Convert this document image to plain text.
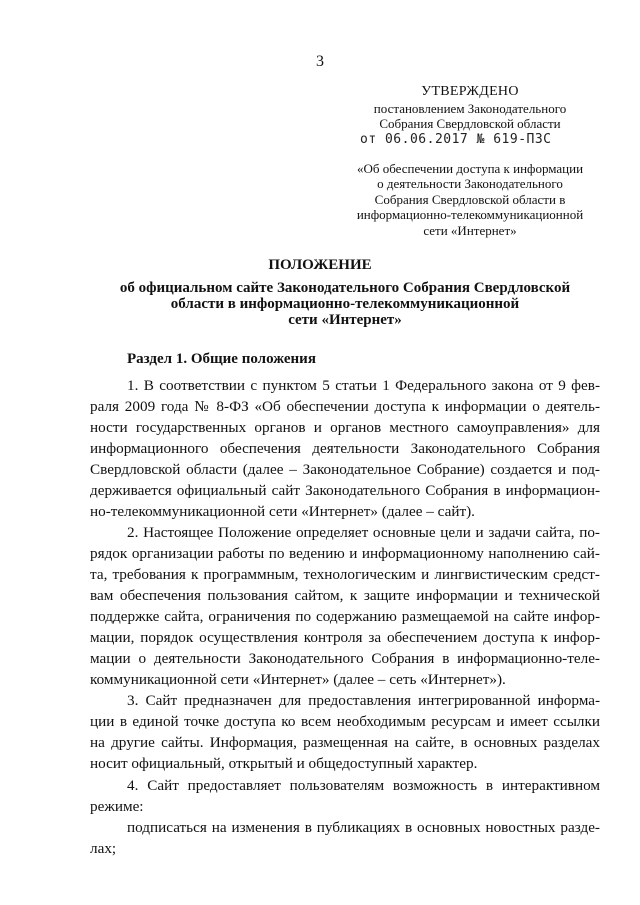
3
УТВЕРЖДЕНО
постановлением Законодательного
Собрания Свердловской области
от 06.06.2017 № 619-ПЗС
«Об обеспечении доступа к информации
о деятельности Законодательного
Собрания Свердловской области в
информационно-телекоммуникационной
сети «Интернет»
ПОЛОЖЕНИЕ
об официальном сайте Законодательного Собрания Свердловской
области в информационно-телекоммуникационной
сети «Интернет»
Раздел 1. Общие положения
1. В соответствии с пунктом 5 статьи 1 Федерального закона от 9 фев-
раля 2009 года № 8-ФЗ «Об обеспечении доступа к информации о деятель-
ности государственных органов и органов местного самоуправления» для
информационного обеспечения деятельности Законодательного Собрания
Свердловской области (далее – Законодательное Собрание) создается и под-
держивается официальный сайт Законодательного Собрания в информацион-
но-телекоммуникационной сети «Интернет» (далее – сайт).
2. Настоящее Положение определяет основные цели и задачи сайта, по-
рядок организации работы по ведению и информационному наполнению сай-
та, требования к программным, технологическим и лингвистическим средст-
вам обеспечения пользования сайтом, к защите информации и технической
поддержке сайта, ограничения по содержанию размещаемой на сайте инфор-
мации, порядок осуществления контроля за обеспечением доступа к инфор-
мации о деятельности Законодательного Собрания в информационно-теле-
коммуникационной сети «Интернет» (далее – сеть «Интернет»).
3. Сайт предназначен для предоставления интегрированной информа-
ции в единой точке доступа ко всем необходимым ресурсам и имеет ссылки
на другие сайты. Информация, размещенная на сайте, в основных разделах
носит официальный, открытый и общедоступный характер.
4. Сайт предоставляет пользователям возможность в интерактивном
режиме:
подписаться на изменения в публикациях в основных новостных разде-
лах;
